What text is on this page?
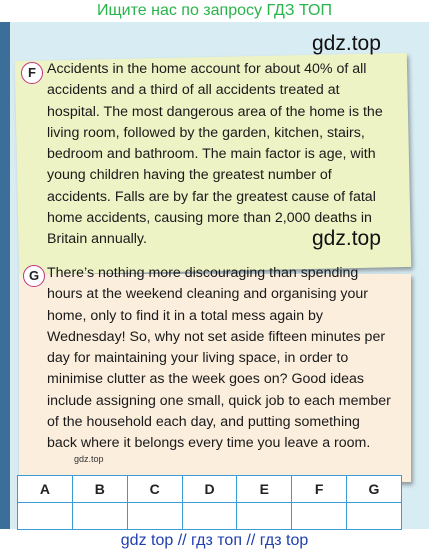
Ищите нас по запросу ГДЗ ТОП
gdz.top
F Accidents in the home account for about 40% of all
accidents and a third of all accidents treated at
hospital. The most dangerous area of the home is the
living room, followed by the garden, kitchen, stairs,
bedroom and bathroom. The main factor is age, with
young children having the greatest number of
accidents. Falls are by far the greatest cause of fatal
home accidents, causing more than 2,000 deaths in
Britain annually.	gdz.top
G There’s nothing more discouraging than spending
hours at the weekend cleaning and organising your
home, only to find it in a total mess again by
Wednesday! So, why not set aside fifteen minutes per
day for maintaining your living space, in order to
minimise clutter as the week goes on? Good ideas
include assigning one small, quick job to each member
of the household each day, and putting something
back where it belongs every time you leave a room.
gdz.top
A	B	C	D	E	F	G

gdz top // гдз топ // гдз top
